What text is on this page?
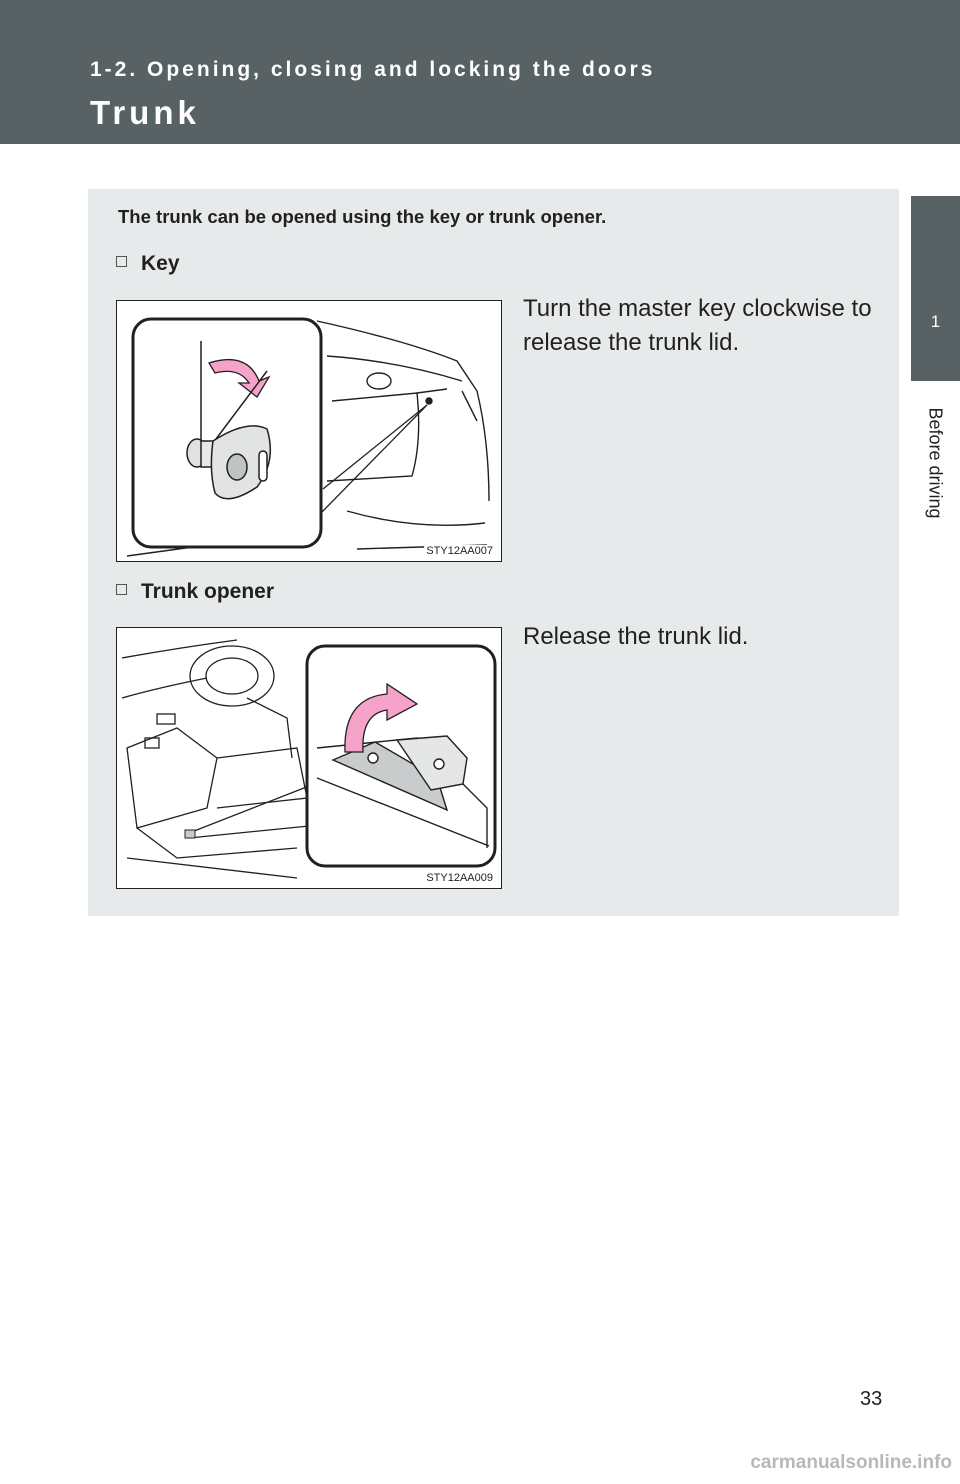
1-2. Opening, closing and locking the doors
Trunk
1
Before driving
The trunk can be opened using the key or trunk opener.
Key
STY12AA007
Turn the master key clockwise to release the trunk lid.
Trunk opener
STY12AA009
Release the trunk lid.
33
carmanualsonline.info
